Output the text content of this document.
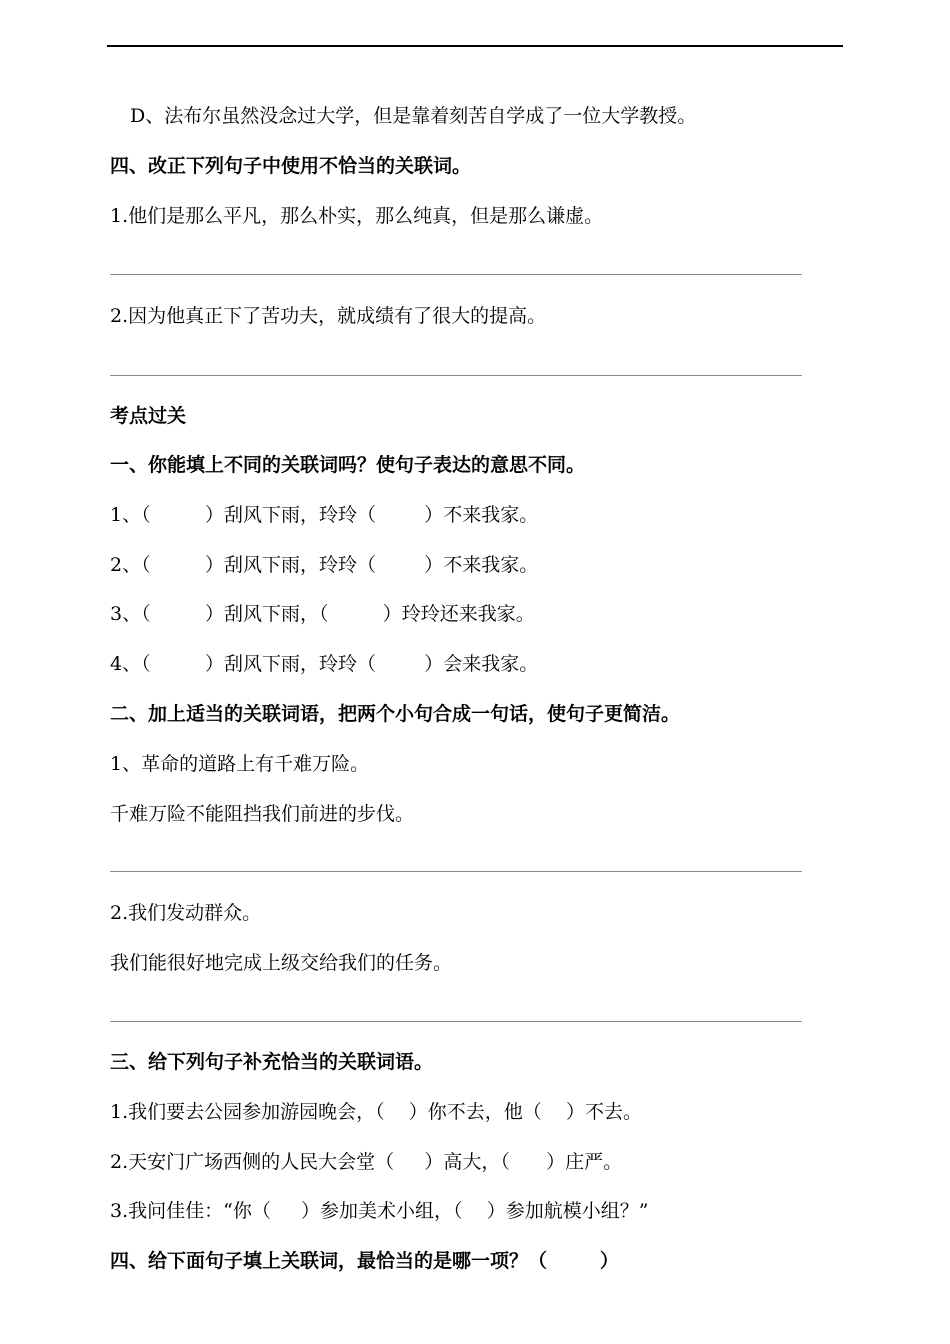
D、法布尔虽然没念过大学，但是靠着刻苦自学成了一位大学教授。
四、改正下列句子中使用不恰当的关联词。
1.他们是那么平凡，那么朴实，那么纯真，但是那么谦虚。
2.因为他真正下了苦功夫，就成绩有了很大的提高。
考点过关
一、你能填上不同的关联词吗？使句子表达的意思不同。
1、（         ）刮风下雨，玲玲（        ）不来我家。
2、（         ）刮风下雨，玲玲（        ）不来我家。
3、（         ）刮风下雨，（         ）玲玲还来我家。
4、（         ）刮风下雨，玲玲（        ）会来我家。
二、加上适当的关联词语，把两个小句合成一句话，使句子更简洁。
1、革命的道路上有千难万险。
千难万险不能阻挡我们前进的步伐。
2.我们发动群众。
我们能很好地完成上级交给我们的任务。
三、给下列句子补充恰当的关联词语。
1.我们要去公园参加游园晚会，（    ）你不去，他（    ）不去。
2.天安门广场西侧的人民大会堂（     ）高大，（      ）庄严。
3.我问佳佳：“你（     ）参加美术小组，（    ）参加航模小组？”
四、给下面句子填上关联词，最恰当的是哪一项？（        ）
